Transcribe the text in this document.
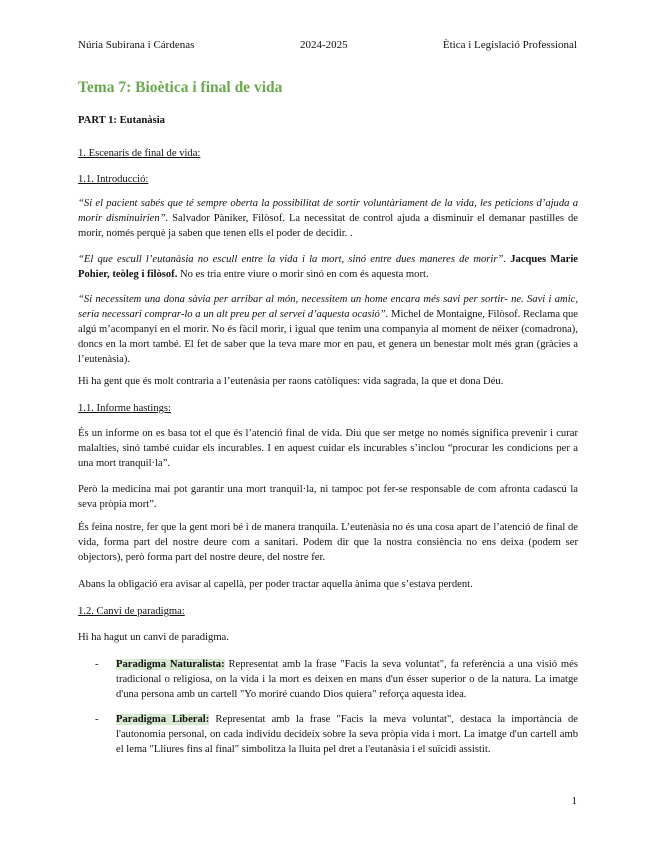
Núria Subirana i Cárdenas	2024-2025	Ètica i Legislació Professional
Tema 7: Bioètica i final de vida
PART 1: Eutanàsia
1. Escenaris de final de vida:
1.1. Introducció:
“Si el pacient sabés que té sempre oberta la possibilitat de sortir voluntàriament de la vida, les peticions d’ajuda a morir disminuirien”. Salvador Pàniker, Filòsof. La necessitat de control ajuda a disminuir el demanar pastilles de morir, només perquè ja saben que tenen ells el poder de decidir. .
“El que escull l’eutanàsia no escull entre la vida i la mort, sinó entre dues maneres de morir”. Jacques Marie Pohier, teòleg i filòsof. No es tria entre viure o morir sinó en com és aquesta mort.
“Si necessitem una dona sàvia per arribar al món, necessitem un home encara més savi per sortir- ne. Savi i amic, seria necessari comprar-lo a un alt preu per al servei d’aquesta ocasió”. Michel de Montaigne, Filòsof. Reclama que algú m’acompanyi en el morir. No és fàcil morir, i igual que tenim una companyia al moment de néixer (comadrona), doncs en la mort també. El fet de saber que la teva mare mor en pau, et genera un benestar molt més gran (gràcies a l’eutenàsia).
Hi ha gent que és molt contraria a l’eutenàsia per raons catòliques: vida sagrada, la que et dona Déu.
1.1. Informe hastings:
És un informe on es basa tot el que és l’atenció final de vida. Diu que ser metge no només significa prevenir i curar malalties, sinó també cuidar els incurables. I en aquest cuidar els incurables s’inclou “procurar les condicions per a una mort tranquil·la”.
Però la medicina mai pot garantir una mort tranquil·la, ni tampoc pot fer-se responsable de com afronta cadascú la seva pròpia mort”.
És feina nostre, fer que la gent mori bé i de manera tranquila. L’eutenàsia no és una cosa apart de l’atenció de final de vida, forma part del nostre deure com a sanitari. Podem dir que la nostra consiència no ens deixa (podem ser objectors), però forma part del nostre deure, del nostre fer.
Abans la obligació era avisar al capellà, per poder tractar aquella ànima que s’estava perdent.
1.2. Canvi de paradigma:
Hi ha hagut un canvi de paradigma.
- Paradigma Naturalista: Representat amb la frase "Facis la seva voluntat", fa referència a una visió més tradicional o religiosa, on la vida i la mort es deixen en mans d'un ésser superior o de la natura. La imatge d'una persona amb un cartell "Yo moriré cuando Dios quiera" reforça aquesta idea.
- Paradigma Liberal: Representat amb la frase "Facis la meva voluntat", destaca la importància de l'autonomia personal, on cada individu decideix sobre la seva pròpia vida i mort. La imatge d'un cartell amb el lema "Lliures fins al final" simbolitza la lluita pel dret a l'eutanàsia i el suïcidi assistit.
1
